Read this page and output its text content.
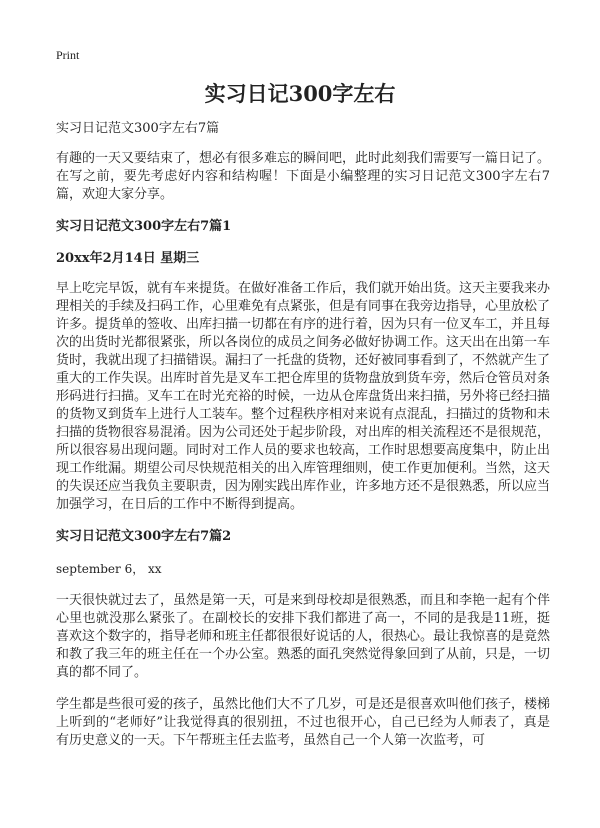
Print
实习日记300字左右

实习日记范文300字左右7篇

有趣的一天又要结束了，想必有很多难忘的瞬间吧，此时此刻我们需要写一篇日记了。在写之前，要先考虑好内容和结构喔！下面是小编整理的实习日记范文300字左右7篇，欢迎大家分享。

实习日记范文300字左右7篇1

20xx年2月14日 星期三

早上吃完早饭，就有车来提货。在做好准备工作后，我们就开始出货。这天主要我来办理相关的手续及扫码工作，心里难免有点紧张，但是有同事在我旁边指导，心里放松了许多。提货单的签收、出库扫描一切都在有序的进行着，因为只有一位叉车工，并且每次的出货时光都很紧张，所以各岗位的成员之间务必做好协调工作。这天出在出第一车货时，我就出现了扫描错误。漏扫了一托盘的货物，还好被同事看到了，不然就产生了重大的工作失误。出库时首先是叉车工把仓库里的货物盘放到货车旁，然后仓管员对条形码进行扫描。叉车工在时光充裕的时候，一边从仓库盘货出来扫描，另外将已经扫描的货物叉到货车上进行人工装车。整个过程秩序相对来说有点混乱，扫描过的货物和未扫描的货物很容易混淆。因为公司还处于起步阶段，对出库的相关流程还不是很规范，所以很容易出现问题。同时对工作人员的要求也较高，工作时思想要高度集中，防止出现工作纰漏。期望公司尽快规范相关的出入库管理细则，使工作更加便利。当然，这天的失误还应当我负主要职责，因为刚实践出库作业，许多地方还不是很熟悉，所以应当加强学习，在日后的工作中不断得到提高。

实习日记范文300字左右7篇2

september 6， xx

一天很快就过去了，虽然是第一天，可是来到母校却是很熟悉，而且和李艳一起有个伴心里也就没那么紧张了。在副校长的安排下我们都进了高一，不同的是我是11班，挺喜欢这个数字的，指导老师和班主任都很很好说话的人，很热心。最让我惊喜的是竟然和教了我三年的班主任在一个办公室。熟悉的面孔突然觉得象回到了从前，只是，一切真的都不同了。

学生都是些很可爱的孩子，虽然比他们大不了几岁，可是还是很喜欢叫他们孩子，楼梯上听到的“老师好”让我觉得真的很别扭，不过也很开心，自己已经为人师表了，真是有历史意义的一天。下午帮班主任去监考，虽然自己一个人第一次监考，可
